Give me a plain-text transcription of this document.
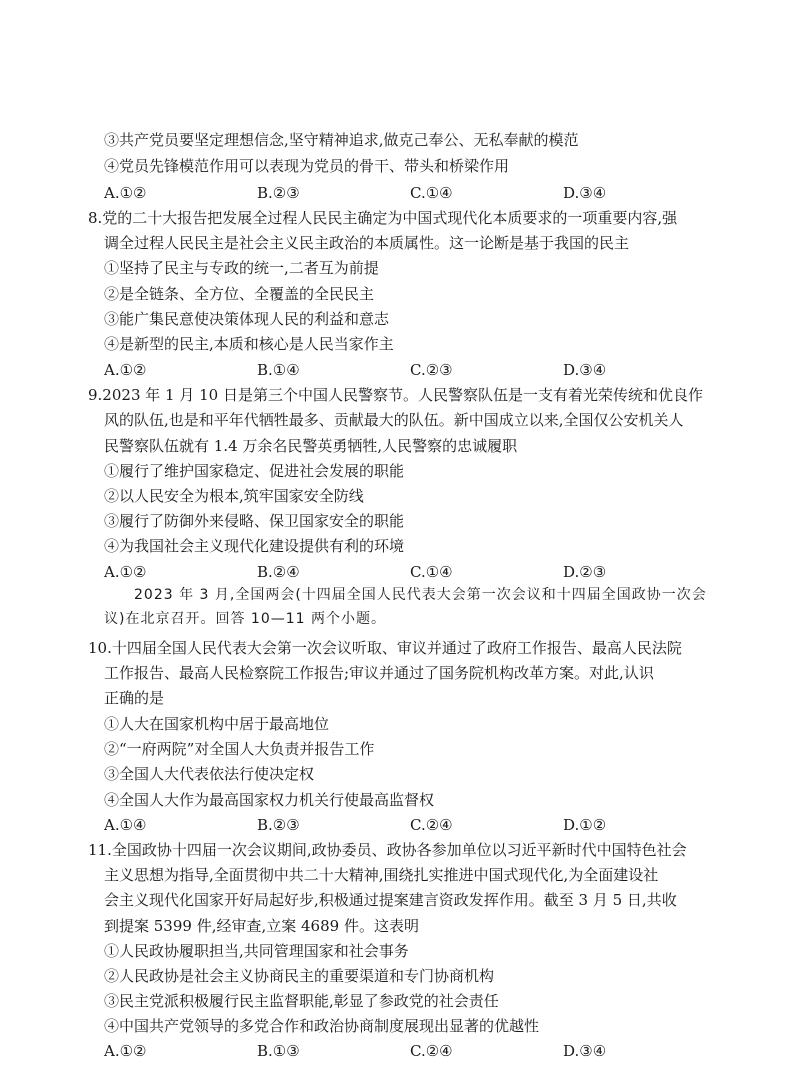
③共产党员要坚定理想信念,坚守精神追求,做克己奉公、无私奉献的模范
④党员先锋模范作用可以表现为党员的骨干、带头和桥梁作用
A.①②	B.②③	C.①④	D.③④
8.党的二十大报告把发展全过程人民民主确定为中国式现代化本质要求的一项重要内容,强
调全过程人民民主是社会主义民主政治的本质属性。这一论断是基于我国的民主
①坚持了民主与专政的统一,二者互为前提
②是全链条、全方位、全覆盖的全民民主
③能广集民意使决策体现人民的利益和意志
④是新型的民主,本质和核心是人民当家作主
A.①②	B.①④	C.②③	D.③④
9.2023 年 1 月 10 日是第三个中国人民警察节。人民警察队伍是一支有着光荣传统和优良作
风的队伍,也是和平年代牺牲最多、贡献最大的队伍。新中国成立以来,全国仅公安机关人
民警察队伍就有 1.4 万余名民警英勇牺牲,人民警察的忠诚履职
①履行了维护国家稳定、促进社会发展的职能
②以人民安全为根本,筑牢国家安全防线
③履行了防御外来侵略、保卫国家安全的职能
④为我国社会主义现代化建设提供有利的环境
A.①②	B.②④	C.①④	D.②③
2023 年 3 月,全国两会(十四届全国人民代表大会第一次会议和十四届全国政协一次会
议)在北京召开。回答 10—11 两个小题。
10.十四届全国人民代表大会第一次会议听取、审议并通过了政府工作报告、最高人民法院
工作报告、最高人民检察院工作报告;审议并通过了国务院机构改革方案。对此,认识
正确的是
①人大在国家机构中居于最高地位
②“一府两院”对全国人大负责并报告工作
③全国人大代表依法行使决定权
④全国人大作为最高国家权力机关行使最高监督权
A.①④	B.②③	C.②④	D.①②
11.全国政协十四届一次会议期间,政协委员、政协各参加单位以习近平新时代中国特色社会
主义思想为指导,全面贯彻中共二十大精神,围绕扎实推进中国式现代化,为全面建设社
会主义现代化国家开好局起好步,积极通过提案建言资政发挥作用。截至 3 月 5 日,共收
到提案 5399 件,经审查,立案 4689 件。这表明
①人民政协履职担当,共同管理国家和社会事务
②人民政协是社会主义协商民主的重要渠道和专门协商机构
③民主党派积极履行民主监督职能,彰显了参政党的社会责任
④中国共产党领导的多党合作和政治协商制度展现出显著的优越性
A.①②	B.①③	C.②④	D.③④
